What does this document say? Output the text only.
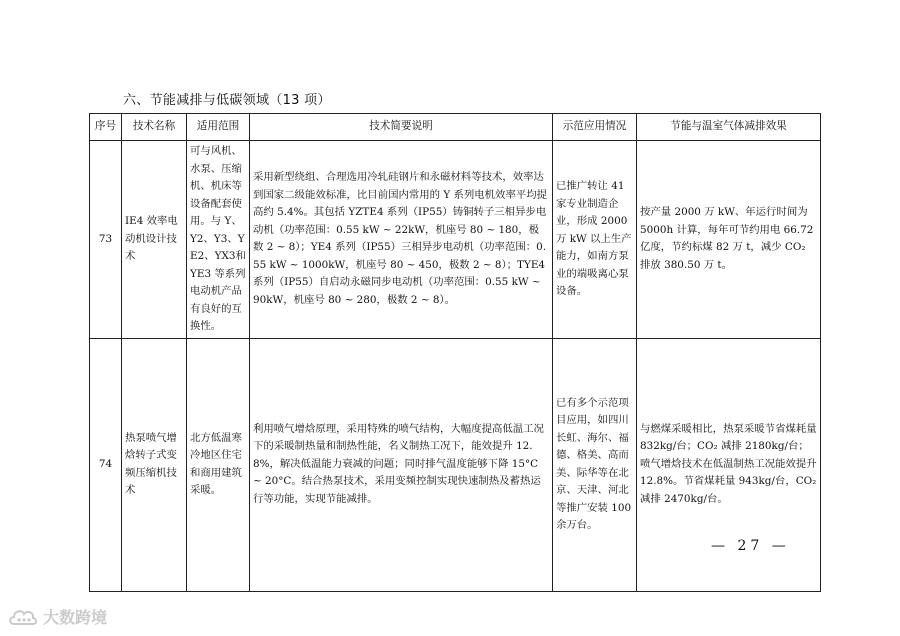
六、节能减排与低碳领域（13 项）
序号	技术名称	适用范围	技术简要说明	示范应用情况	节能与温室气体减排效果
73	IE4 效率电动机设计技术	可与风机、水泵、压缩机、机床等设备配套使用。与 Y、Y2、Y3、YE2、YX3和 YE3 等系列电动机产品有良好的互换性。	采用新型绕组、合理选用冷轧硅钢片和永磁材料等技术，效率达到国家二级能效标准，比目前国内常用的 Y 系列电机效率平均提高约 5.4%。其包括 YZTE4 系列（IP55）铸铜转子三相异步电动机（功率范围：0.55 kW ~ 22kW，机座号 80 ~ 180，极数 2 ~ 8）；YE4 系列（IP55）三相异步电动机（功率范围：0.55 kW ~ 1000kW，机座号 80 ~ 450，极数 2 ~ 8）；TYE4 系列（IP55）自启动永磁同步电动机（功率范围：0.55 kW ~ 90kW，机座号 80 ~ 280，极数 2 ~ 8）。	已推广转让 41 家专业制造企业，形成 2000 万 kW 以上生产能力，如南方泵业的端吸离心泵设备。	按产量 2000 万 kW、年运行时间为 5000h 计算，每年可节约用电 66.72 亿度，节约标煤 82 万 t，减少 CO₂ 排放 380.50 万 t。
74	热泵喷气增焓转子式变频压缩机技术	北方低温寒冷地区住宅和商用建筑采暖。	利用喷气增焓原理，采用特殊的喷气结构，大幅度提高低温工况下的采暖制热量和制热性能，名义制热工况下，能效提升 12.8%，解决低温能力衰减的问题；同时排气温度能够下降 15°C ~ 20°C。结合热泵技术，采用变频控制实现快速制热及蓄热运行等功能，实现节能减排。	已有多个示范项目应用，如四川长虹、海尔、福德、格美、高而美、际华等在北京、天津、河北等推广安装 100 余万台。	与燃煤采暖相比，热泵采暖节省煤耗量 832kg/台；CO₂ 减排 2180kg/台；喷气增焓技术在低温制热工况能效提升 12.8%。节省煤耗量 943kg/台，CO₂减排 2470kg/台。
— 27 —
大数跨境
